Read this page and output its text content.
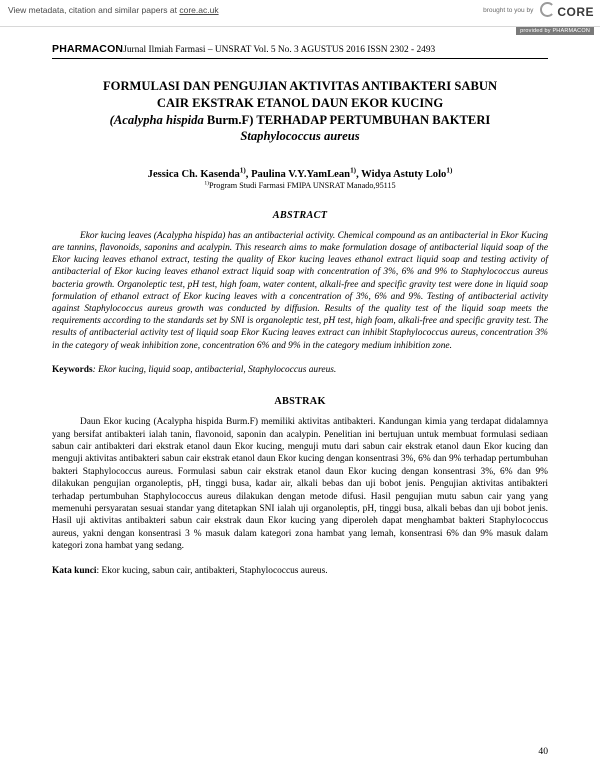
View metadata, citation and similar papers at core.ac.uk	brought to you by CORE
provided by PHARMACON
PHARMACONJurnal Ilmiah Farmasi – UNSRAT Vol. 5 No. 3 AGUSTUS 2016 ISSN 2302 - 2493
FORMULASI DAN PENGUJIAN AKTIVITAS ANTIBAKTERI SABUN
CAIR EKSTRAK ETANOL DAUN EKOR KUCING
(Acalypha hispida Burm.F) TERHADAP PERTUMBUHAN BAKTERI
Staphylococcus aureus
Jessica Ch. Kasenda$^{1)}$, Paulina V.Y.YamLean$^{1)}$, Widya Astuty Lolo$^{1)}$
$^{1)}$Program Studi Farmasi FMIPA UNSRAT Manado,95115
ABSTRACT
Ekor kucing leaves (Acalypha hispida) has an antibacterial activity. Chemical compound as an antibacterial in Ekor Kucing are tannins, flavonoids, saponins and acalypin. This research aims to make formulation dosage of antibacterial liquid soap of the Ekor kucing leaves ethanol extract, testing the quality of Ekor kucing leaves ethanol extract liquid soap and testing activity of antibacterial of Ekor kucing leaves ethanol extract liquid soap with concentration of 3%, 6% and 9% to Staphylococcus aureus bacteria growth. Organoleptic test, pH test, high foam, water content, alkali-free and specific gravity test were done in liquid soap formulation of ethanol extract of Ekor kucing leaves with a concentration of 3%, 6% and 9%. Testing of antibacterial activity against Staphylococcus aureus growth was conducted by diffusion. Results of the quality test of the liquid soap meets the requirements according to the standards set by SNI is organoleptic test, pH test, high foam, alkali-free and specific gravity test. The results of antibacterial activity test of liquid soap Ekor Kucing leaves extract can inhibit Staphylococcus aureus, concentration 3% in the category of weak inhibition zone, concentration 6% and 9% in the category medium inhibition zone.
Keywords: Ekor kucing, liquid soap, antibacterial, Staphylococcus aureus.
ABSTRAK
Daun Ekor kucing (Acalypha hispida Burm.F) memiliki aktivitas antibakteri. Kandungan kimia yang terdapat didalamnya yang bersifat antibakteri ialah tanin, flavonoid, saponin dan acalypin. Penelitian ini bertujuan untuk membuat formulasi sediaan sabun cair antibakteri dari ekstrak etanol daun Ekor kucing, menguji mutu dari sabun cair ekstrak etanol daun Ekor kucing dan menguji aktivitas antibakteri sabun cair ekstrak etanol daun Ekor kucing dengan konsentrasi 3%, 6% dan 9% terhadap pertumbuhan bakteri Staphylococcus aureus. Formulasi sabun cair ekstrak etanol daun Ekor kucing dengan konsentrasi 3%, 6% dan 9% dilakukan pengujian organoleptis, pH, tinggi busa, kadar air, alkali bebas dan uji bobot jenis. Pengujian aktivitas antibakteri terhadap pertumbuhan Staphylococcus aureus dilakukan dengan metode difusi. Hasil pengujian mutu sabun cair yang yang memenuhi persyaratan sesuai standar yang ditetapkan SNI ialah uji organoleptis, pH, tinggi busa, alkali bebas dan uji bobot jenis. Hasil uji aktivitas antibakteri sabun cair ekstrak daun Ekor kucing yang diperoleh dapat menghambat bakteri Staphylococcus aureus, yakni dengan konsentrasi 3 % masuk dalam kategori zona hambat yang lemah, konsentrasi 6% dan 9% masuk dalam kategori zona hambat yang sedang.
Kata kunci: Ekor kucing, sabun cair, antibakteri, Staphylococcus aureus.
40
